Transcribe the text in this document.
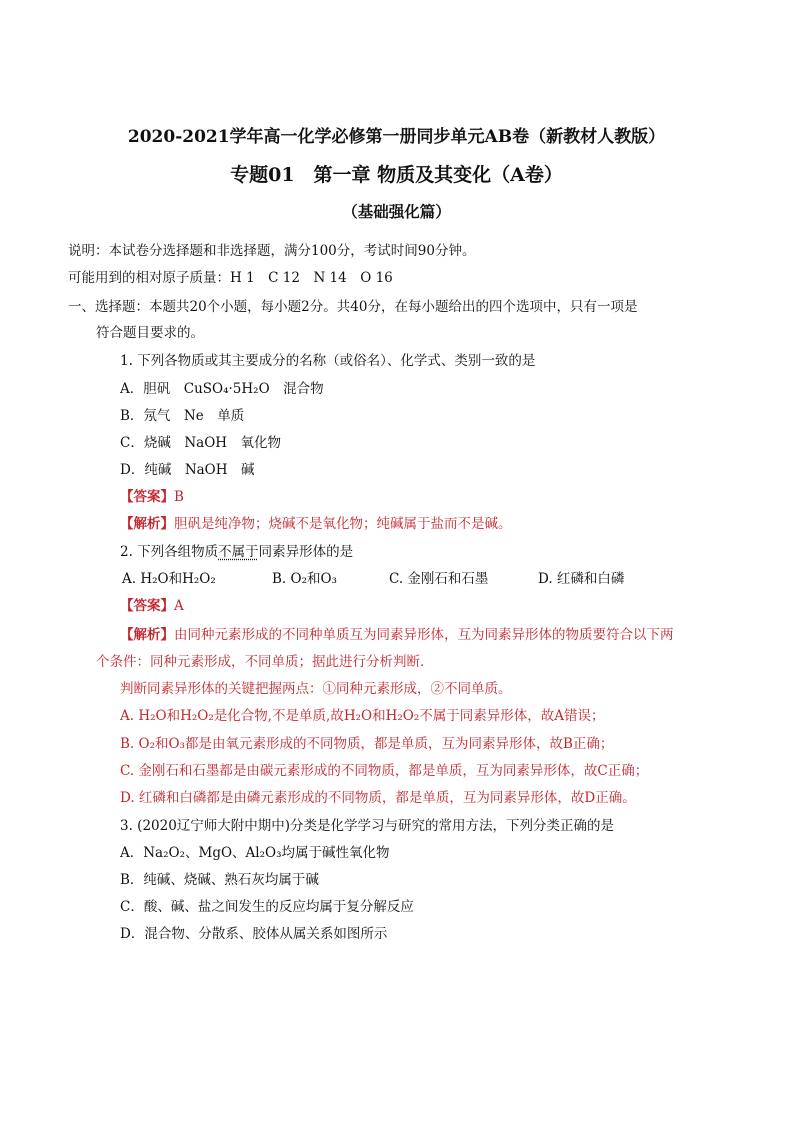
2020-2021学年高一化学必修第一册同步单元AB卷（新教材人教版）
专题01　第一章 物质及其变化（A卷）
（基础强化篇）
说明：本试卷分选择题和非选择题，满分100分，考试时间90分钟。
可能用到的相对原子质量：H 1　C 12　N 14　O 16
一、选择题：本题共20个小题，每小题2分。共40分，在每小题给出的四个选项中，只有一项是
符合题目要求的。
1. 下列各物质或其主要成分的名称（或俗名）、化学式、类别一致的是
A．胆矾　CuSO₄·5H₂O　混合物
B．氖气　Ne　单质
C．烧碱　NaOH　氧化物
D．纯碱　NaOH　碱
【答案】B
【解析】胆矾是纯净物；烧碱不是氧化物；纯碱属于盐而不是碱。
2. 下列各组物质不属于同素异形体的是
A. H₂O和H₂O₂	B. O₂和O₃	C. 金刚石和石墨	D. 红磷和白磷
【答案】A
【解析】由同种元素形成的不同种单质互为同素异形体，互为同素异形体的物质要符合以下两
个条件：同种元素形成，不同单质；据此进行分析判断．
判断同素异形体的关键把握两点：①同种元素形成，②不同单质。
A. H₂O和H₂O₂是化合物,不是单质,故H₂O和H₂O₂不属于同素异形体，故A错误；
B. O₂和O₃都是由氧元素形成的不同物质，都是单质，互为同素异形体，故B正确；
C. 金刚石和石墨都是由碳元素形成的不同物质，都是单质，互为同素异形体，故C正确；
D. 红磷和白磷都是由磷元素形成的不同物质，都是单质，互为同素异形体，故D正确。
3. (2020辽宁师大附中期中)分类是化学学习与研究的常用方法，下列分类正确的是
A．Na₂O₂、MgO、Al₂O₃均属于碱性氧化物
B．纯碱、烧碱、熟石灰均属于碱
C．酸、碱、盐之间发生的反应均属于复分解反应
D．混合物、分散系、胶体从属关系如图所示
